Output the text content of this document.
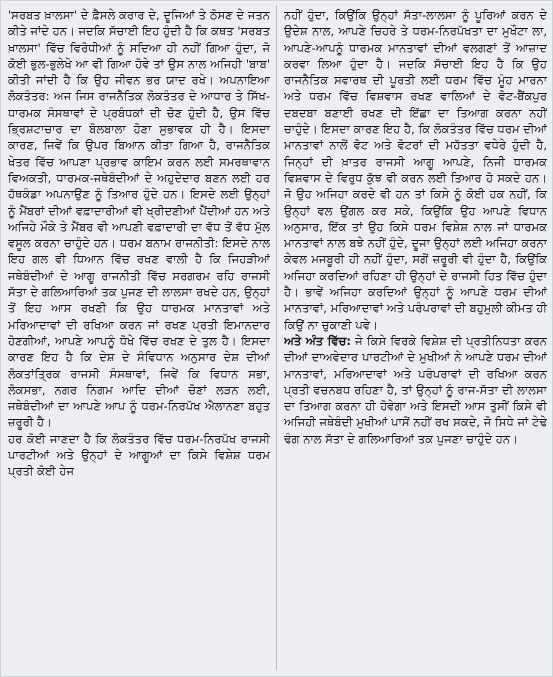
'ਸਰਬਤ ਖ਼ਾਲਸਾ' ਦੇ ਫ਼ੈਸਲੇ ਕਰਾਰ ਦੇ, ਦੂਜਿਆਂ ਤੇ ਠੋਸਣ ਦੇ ਜਤਨ ਕੀਤੇ ਜਾਂਦੇ ਹਨ। ਜਦਕਿ ਸੱਚਾਈ ਇਹ ਹੁੰਦੀ ਹੈ ਕਿ ਕਥਤ 'ਸਰਬਤ ਖ਼ਾਲਸਾ' ਵਿੱਚ ਵਿਰੋਧੀਆਂ ਨੂੰ ਸਦਿਆ ਹੀ ਨਹੀਂ ਗਿਆ ਹੁੰਦਾ, ਜੋ ਕੋਈ ਭੁਲ-ਭੁਲੇਖੇ ਆ ਵੀ ਗਿਆ ਹੋਵੇ ਤਾਂ ਉਸ ਨਾਲ ਅਜਿਹੀ 'ਬਾਬ' ਕੀਤੀ ਜਾਂਦੀ ਹੈ ਕਿ ਉਹ ਜੀਵਨ ਭਰ ਯਾਦ ਰਖੇ। ਅਪਨਾਇਆ ਲੋਕਤੰਤਰ: ਅਜ ਜਿਸ ਰਾਜਨੈਤਿਕ ਲੋਕਤੰਤਰ ਦੇ ਆਧਾਰ ਤੇ ਸਿੱਖ-ਧਾਰਮਕ ਸੰਸਥਾਵਾਂ ਦੇ ਪ੍ਰਬੰਧਕਾਂ ਦੀ ਚੋਣ ਹੁੰਦੀ ਹੈ, ਉਸ ਵਿੱਚ ਭ੍ਰਿਸ਼ਟਾਚਾਰ ਦਾ ਬੋਲਬਾਲਾ ਹੋਣਾ ਸੁਭਾਵਕ ਹੀ ਹੈ। ਇਸਦਾ ਕਾਰਣ, ਜਿਵੇਂ ਕਿ ਉਪਰ ਬਿਆਨ ਕੀਤਾ ਗਿਆ ਹੈ, ਰਾਜਨੈਤਿਕ ਖੇਤਰ ਵਿੱਚ ਆਪਣਾ ਪ੍ਰਭਾਵ ਕਾਇਮ ਕਰਨ ਲਈ ਸਮਰਥਾਵਾਨ ਵਿਅਕਤੀ, ਧਾਰਮਕ-ਜਥੇਬੰਦੀਆਂ ਦੇ ਅਹੁਦੇਦਾਰ ਬਣਨ ਲਈ ਹਰ ਹੱਥਕੰਡਾ ਅਪਨਾਉਣ ਨੂੰ ਤਿਆਰ ਹੁੰਦੇ ਹਨ। ਇਸਦੇ ਲਈ ਉਨ੍ਹਾਂ ਨੂੰ ਮੈਂਬਰਾਂ ਦੀਆਂ ਵਫ਼ਾਦਾਰੀਆਂ ਵੀ ਖ੍ਰੀਦਣੀਆਂ ਪੈਂਦੀਆਂ ਹਨ ਅਤੇ ਅਜਿਹੇ ਮੌਕੇ ਤੇ ਮੈਂਬਰ ਵੀ ਆਪਣੀ ਵਫ਼ਾਦਾਰੀ ਦਾ ਵੱਧ ਤੋਂ ਵੱਧ ਮੁੱਲ ਵਸੂਲ ਕਰਨਾ ਚਾਹੁੰਦੇ ਹਨ। ਧਰਮ ਬਨਾਮ ਰਾਜਨੀਤੀ: ਇਸਦੇ ਨਾਲ ਇਹ ਗਲ ਵੀ ਧਿਆਨ ਵਿੱਚ ਰਖਣ ਵਾਲੀ ਹੈ ਕਿ ਜਿਹੜੀਆਂ ਜਥੇਬੰਦੀਆਂ ਦੇ ਆਗੂ ਰਾਜਨੀਤੀ ਵਿੱਚ ਸਰਗਰਮ ਰਹਿ ਰਾਜਸੀ ਸੱਤਾ ਦੇ ਗਲਿਆਰਿਆਂ ਤਕ ਪੁਜਣ ਦੀ ਲਾਲਸਾ ਰਖਦੇ ਹਨ, ਉਨ੍ਹਾਂ ਤੋਂ ਇਹ ਆਸ ਰਖਣੀ ਕਿ ਉਹ ਧਾਰਮਕ ਮਾਨਤਾਵਾਂ ਅਤੇ ਮਰਿਆਦਾਵਾਂ ਦੀ ਰਖਿਆ ਕਰਨ ਜਾਂ ਰਖਣ ਪ੍ਰਤੀ ਇਮਾਨਦਾਰ ਹੋਣਗੀਆਂ, ਆਪਣੇ ਆਪਨੂੰ ਧੋਖੇ ਵਿੱਚ ਰਖਣ ਦੇ ਤੁਲ ਹੈ। ਇਸਦਾ ਕਾਰਣ ਇਹ ਹੈ ਕਿ ਦੇਸ਼ ਦੇ ਸੰਵਿਧਾਨ ਅਨੁਸਾਰ ਦੇਸ਼ ਦੀਆਂ ਲੋਕਤਾਂਤ੍ਰਿਕ ਰਾਜਸੀ ਸੰਸਥਾਵਾਂ, ਜਿਵੇਂ ਕਿ ਵਿਧਾਨ ਸਭਾ, ਲੋਕਸਭਾ, ਨਗਰ ਨਿਗਮ ਆਦਿ ਦੀਆਂ ਚੋਣਾਂ ਲੜਨ ਲਈ, ਜਥੇਬੰਦੀਆਂ ਦਾ ਆਪਣੇ ਆਪ ਨੂੰ ਧਰਮ-ਨਿਰਪੱਖ ਐਲਾਨਣਾ ਬਹੁਤ ਜ਼ਰੂਰੀ ਹੈ।

ਹਰ ਕੋਈ ਜਾਣਦਾ ਹੈ ਕਿ ਲੋਕਤੰਤਰ ਵਿੱਚ ਧਰਮ-ਨਿਰਪੱਖ ਰਾਜਸੀ ਪਾਰਟੀਆਂ ਅਤੇ ਉਨ੍ਹਾਂ ਦੇ ਆਗੂਆਂ ਦਾ ਕਿਸੇ ਵਿਸ਼ੇਸ਼ ਧਰਮ ਪ੍ਰਤੀ ਕੋਈ ਹੇਜ

ਨਹੀਂ ਹੁੰਦਾ, ਕਿਉਂਕਿ ਉਨ੍ਹਾਂ ਸੱਤਾ-ਲਾਲਸਾ ਨੂੰ ਪੂਰਿਆਂ ਕਰਨ ਦੇ ਉਦੇਸ਼ ਨਾਲ, ਆਪਣੇ ਚਿਹਰੇ ਤੇ ਧਰਮ-ਨਿਰਪੱਖਤਾ ਦਾ ਮੁਖੌਟਾ ਲਾ, ਆਪਣੇ-ਆਪਨੂੰ ਧਾਰਮਕ ਮਾਨਤਾਵਾਂ ਦੀਆਂ ਵਲਗਣਾਂ ਤੋਂ ਆਜ਼ਾਦ ਕਰਵਾ ਲਿਆ ਹੁੰਦਾ ਹੈ। ਜਦਕਿ ਸੱਚਾਈ ਇਹ ਹੈ ਕਿ ਉਹ ਰਾਜਨੈਤਿਕ ਸਵਾਰਥ ਦੀ ਪੂਰਤੀ ਲਈ ਧਰਮ ਵਿੱਚ ਮੂੰਹ ਮਾਰਨਾ ਅਤੇ ਧਰਮ ਵਿੱਚ ਵਿਸ਼ਵਾਸ ਰਖਣ ਵਾਲਿਆਂ ਦੇ ਵੋਟ-ਬੈਂਕਪੁਰ ਦਬਦਬਾ ਬਣਾਈ ਰਖਣ ਦੀ ਇੱਛਾ ਦਾ ਤਿਆਗ ਕਰਨਾ ਨਹੀਂ ਚਾਹੁੰਦੇ। ਇਸਦਾ ਕਾਰਣ ਇਹ ਹੈ, ਕਿ ਲੋਕਤੰਤਰ ਵਿੱਚ ਧਰਮ ਦੀਆਂ ਮਾਨਤਾਵਾਂ ਨਾਲੋਂ ਵੋਟ ਅਤੇ ਵੋਟਰਾਂ ਦੀ ਮਹੱਤਤਾ ਵਧੇਰੇ ਹੁੰਦੀ ਹੈ, ਜਿਨ੍ਹਾਂ ਦੀ ਖ਼ਾਤਰ ਰਾਜਸੀ ਆਗੂ ਆਪਣੇ, ਨਿਜੀ ਧਾਰਮਕ ਵਿਸ਼ਵਾਸ ਦੇ ਵਿਰੁਧ ਕੁੱਝ ਵੀ ਕਰਨ ਲਈ ਤਿਆਰ ਹੋ ਸਕਦੇ ਹਨ। ਜੋ ਉਹ ਅਜਿਹਾ ਕਰਦੇ ਵੀ ਹਨ ਤਾਂ ਕਿਸੇ ਨੂੰ ਕੋਈ ਹਕ ਨਹੀਂ, ਕਿ ਉਨ੍ਹਾਂ ਵਲ ਉਂਗਲ ਕਰ ਸਕੇ, ਕਿਉਂਕਿ ਉਹ ਆਪਣੇ ਵਿਧਾਨ ਅਨੁਸਾਰ, ਇੱਕ ਤਾਂ ਉਹ ਕਿਸੇ ਧਰਮ ਵਿਸ਼ੇਸ਼ ਨਾਲ ਜਾਂ ਧਾਰਮਕ ਮਾਨਤਾਵਾਂ ਨਾਲ ਬਝੇ ਨਹੀਂ ਹੁੰਦੇ, ਦੂਜਾ ਉਨ੍ਹਾਂ ਲਈ ਅਜਿਹਾ ਕਰਨਾ ਕੇਵਲ ਮਜਬੂਰੀ ਹੀ ਨਹੀਂ ਹੁੰਦਾ, ਸਗੋਂ ਜ਼ਰੂਰੀ ਵੀ ਹੁੰਦਾ ਹੈ, ਕਿਉਂਕਿ ਅਜਿਹਾ ਕਰਦਿਆਂ ਰਹਿਣਾ ਹੀ ਉਨ੍ਹਾਂ ਦੇ ਰਾਜਸੀ ਹਿਤ ਵਿੱਚ ਹੁੰਦਾ ਹੈ। ਭਾਵੇਂ ਅਜਿਹਾ ਕਰਦਿਆਂ ਉਨ੍ਹਾਂ ਨੂੰ ਆਪਣੇ ਧਰਮ ਦੀਆਂ ਮਾਨਤਾਵਾਂ, ਮਰਿਆਦਾਵਾਂ ਅਤੇ ਪਰੰਪਰਾਵਾਂ ਦੀ ਬਹੁਮੁਲੀ ਕੀਮਤ ਹੀ ਕਿਉਂ ਨਾ ਚੁਕਾਣੀ ਪਵੇ।

ਅਤੇ ਅੰਤ ਵਿੱਚ: ਜੇ ਕਿਸੇ ਵਿਰਕੇ ਵਿਸ਼ੇਸ਼ ਦੀ ਪ੍ਰਤੀਨਿਧਤਾ ਕਰਨ ਦੀਆਂ ਦਾਅਵੇਦਾਰ ਪਾਰਟੀਆਂ ਦੇ ਮੁਖੀਆਂ ਨੇ ਆਪਣੇ ਧਰਮ ਦੀਆਂ ਮਾਨਤਾਵਾਂ, ਮਰਿਆਦਾਵਾਂ ਅਤੇ ਪਰੰਪਰਾਵਾਂ ਦੀ ਰਖਿਆ ਕਰਨ ਪ੍ਰਤੀ ਵਚਨਬਧ ਰਹਿਣਾ ਹੈ, ਤਾਂ ਉਨ੍ਹਾਂ ਨੂੰ ਰਾਜ-ਸੱਤਾ ਦੀ ਲਾਲਸਾ ਦਾ ਤਿਆਗ ਕਰਨਾ ਹੀ ਹੋਵੇਗਾ ਅਤੇ ਇਸਦੀ ਆਸ ਤੁਸੀਂ ਕਿਸੇ ਵੀ ਅਜਿਹੀ ਜਥੇਬੰਦੀ ਮੁਖੀਆਂ ਪਾਸੋਂ ਨਹੀਂ ਰਖ ਸਕਦੇ, ਜੋ ਸਿਧੇ ਜਾਂ ਟੇਢੇ ਢੰਗ ਨਾਲ ਸੱਤਾ ਦੇ ਗਲਿਆਰਿਆਂ ਤਕ ਪੁਜਣਾ ਚਾਹੁੰਦੇ ਹਨ।
